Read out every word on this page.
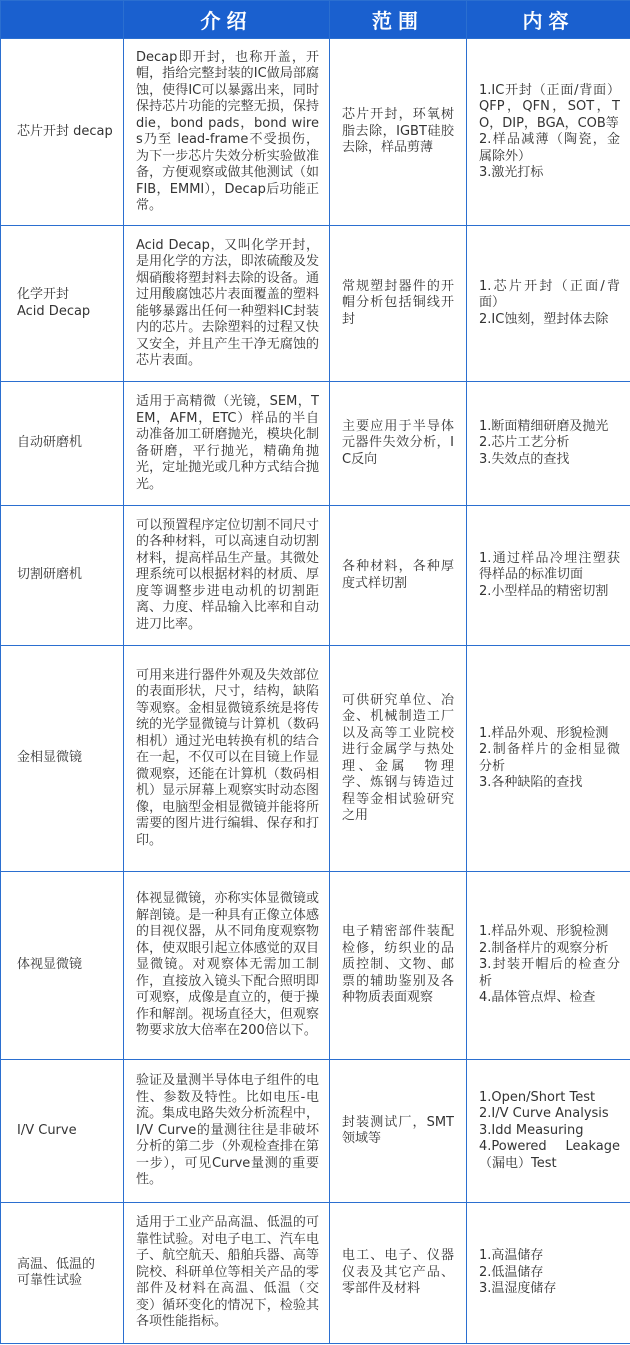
	介绍	范围	内容
芯片开封 decap	Decap即开封，也称开盖，开帽，指给完整封装的IC做局部腐蚀，使得IC可以暴露出来，同时保持芯片功能的完整无损，保持die，bond pads，bond wires乃至 lead-frame不受损伤，为下一步芯片失效分析实验做准备，方便观察或做其他测试（如FIB，EMMI），Decap后功能正常。	芯片开封，环氧树脂去除，IGBT硅胶去除，样品剪薄	1.IC开封（正面/背面）QFP，QFN，SOT，TO，DIP，BGA，COB等
2.样品减薄（陶瓷，金属除外）
3.激光打标
化学开封
Acid Decap	Acid Decap，又叫化学开封，是用化学的方法，即浓硫酸及发烟硝酸将塑封料去除的设备。通过用酸腐蚀芯片表面覆盖的塑料能够暴露出任何一种塑料IC封装内的芯片。去除塑料的过程又快又安全，并且产生干净无腐蚀的芯片表面。	常规塑封器件的开帽分析包括铜线开封	1.芯片开封（正面/背面）
2.IC蚀刻，塑封体去除
自动研磨机	适用于高精微（光镜，SEM，TEM，AFM，ETC）样品的半自动准备加工研磨抛光，模块化制备研磨，平行抛光，精确角抛光，定址抛光或几种方式结合抛光。	主要应用于半导体元器件失效分析，IC反向	1.断面精细研磨及抛光
2.芯片工艺分析
3.失效点的查找
切割研磨机	可以预置程序定位切割不同尺寸的各种材料，可以高速自动切割材料，提高样品生产量。其微处理系统可以根据材料的材质、厚度等调整步进电动机的切割距离、力度、样品输入比率和自动进刀比率。	各种材料，各种厚度式样切割	1.通过样品冷埋注塑获得样品的标准切面
2.小型样品的精密切割
金相显微镜	可用来进行器件外观及失效部位的表面形状，尺寸，结构，缺陷等观察。金相显微镜系统是将传统的光学显微镜与计算机（数码相机）通过光电转换有机的结合在一起，不仅可以在目镜上作显微观察，还能在计算机（数码相机）显示屏幕上观察实时动态图像，电脑型金相显微镜并能将所需要的图片进行编辑、保存和打印。	可供研究单位、冶金、机械制造工厂以及高等工业院校进行金属学与热处理、金属　物理学、炼钢与铸造过程等金相试验研究之用	1.样品外观、形貌检测
2.制备样片的金相显微分析
3.各种缺陷的查找
体视显微镜	体视显微镜，亦称实体显微镜或解剖镜。是一种具有正像立体感的目视仪器，从不同角度观察物体，使双眼引起立体感觉的双目显微镜。对观察体无需加工制作，直接放入镜头下配合照明即可观察，成像是直立的，便于操作和解剖。视场直径大，但观察物要求放大倍率在200倍以下。	电子精密部件装配检修，纺织业的品质控制、文物、邮票的辅助鉴别及各种物质表面观察	1.样品外观、形貌检测
2.制备样片的观察分析
3.封装开帽后的检查分析
4.晶体管点焊、检查
I/V Curve	验证及量测半导体电子组件的电性、参数及特性。比如电压-电流。集成电路失效分析流程中，I/V Curve的量测往往是非破坏分析的第二步（外观检查排在第一步），可见Curve量测的重要性。	封装测试厂，SMT领域等	1.Open/Short Test
2.I/V Curve Analysis
3.Idd Measuring
4.Powered Leakage（漏电）Test
高温、低温的
可靠性试验	适用于工业产品高温、低温的可靠性试验。对电子电工、汽车电子、航空航天、船舶兵器、高等院校、科研单位等相关产品的零部件及材料在高温、低温（交变）循环变化的情况下，检验其各项性能指标。	电工、电子、仪器仪表及其它产品、零部件及材料	1.高温储存
2.低温储存
3.温湿度储存
